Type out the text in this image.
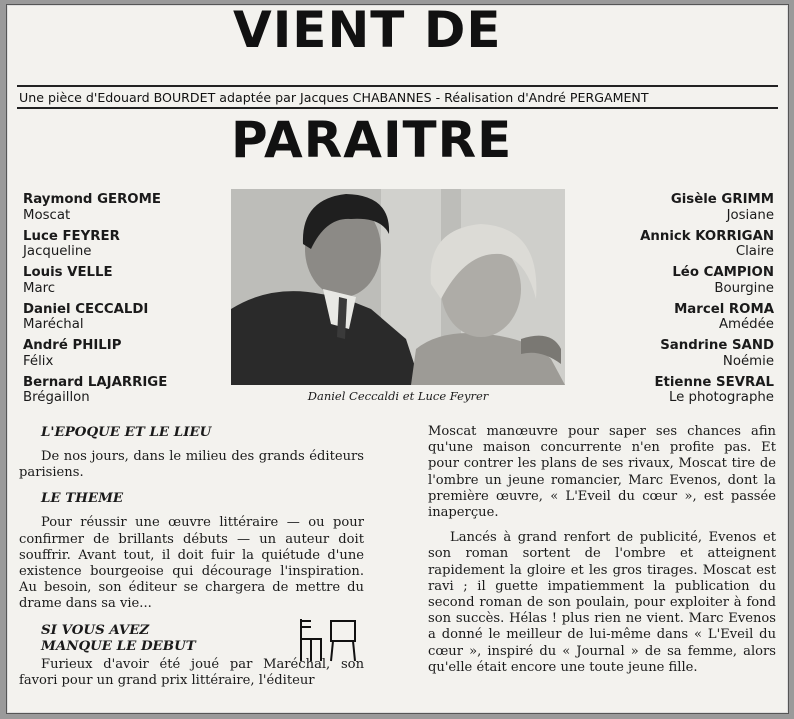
VIENT DE
Une pièce d'Edouard BOURDET adaptée par Jacques CHABANNES - Réalisation d'André PERGAMENT
PARAITRE
Raymond GEROME
Moscat
Luce FEYRER
Jacqueline
Louis VELLE
Marc
Daniel CECCALDI
Maréchal
André PHILIP
Félix
Bernard LAJARRIGE
Brégaillon	Daniel Ceccaldi et Luce Feyrer
Gisèle GRIMM
Josiane
Annick KORRIGAN
Claire
Léo CAMPION
Bourgine
Marcel ROMA
Amédée
Sandrine SAND
Noémie
Etienne SEVRAL
Le photographe

L'EPOQUE ET LE LIEU

De nos jours, dans le milieu des grands éditeurs parisiens.

LE THEME

Pour réussir une œuvre littéraire — ou pour confirmer de brillants débuts — un auteur doit souffrir. Avant tout, il doit fuir la quiétude d'une existence bourgeoise qui décourage l'inspiration. Au besoin, son éditeur se chargera de mettre du drame dans sa vie...

SI VOUS AVEZ

MANQUE LE DEBUT

Furieux d'avoir été joué par Maréchal, son favori pour un grand prix littéraire, l'éditeur

Moscat manœuvre pour saper ses chances afin qu'une maison concurrente n'en profite pas. Et pour contrer les plans de ses rivaux, Moscat tire de l'ombre un jeune romancier, Marc Evenos, dont la première œuvre, « L'Eveil du cœur », est passée inaperçue.

Lancés à grand renfort de publicité, Evenos et son roman sortent de l'ombre et atteignent rapidement la gloire et les gros tirages. Moscat est ravi ; il guette impatiemment la publication du second roman de son poulain, pour exploiter à fond son succès. Hélas ! plus rien ne vient. Marc Evenos a donné le meilleur de lui-même dans « L'Eveil du cœur », inspiré du « Journal » de sa femme, alors qu'elle était encore une toute jeune fille.
